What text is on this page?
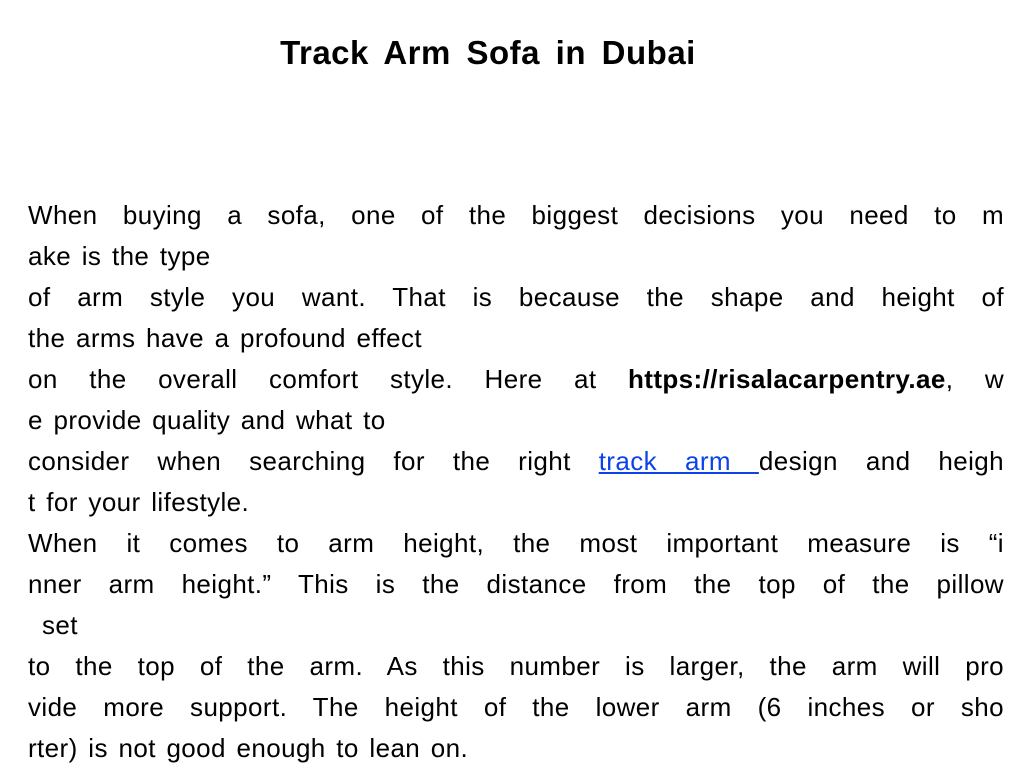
Track Arm Sofa in Dubai
When buying a sofa, one of the biggest decisions you need to m
ake is the type
of arm style you want. That is because the shape and height of
the arms have a profound effect
on the overall comfort style. Here at https://risalacarpentry.ae, w
e provide quality and what to
consider when searching for the right track arm design and heigh
t for your lifestyle.
When it comes to arm height, the most important measure is “i
nner arm height.” This is the distance from the top of the pillow
set
to the top of the arm. As this number is larger, the arm will pro
vide more support. The height of the lower arm (6 inches or sho
rter) is not good enough to lean on.
